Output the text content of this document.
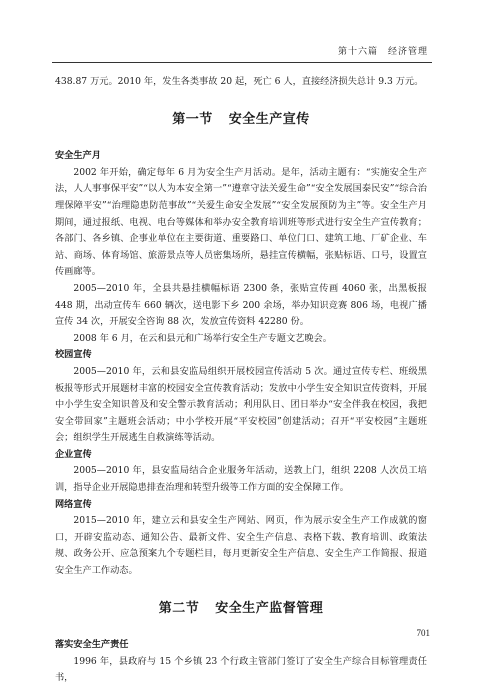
第十六篇　经济管理

438.87 万元。2010 年，发生各类事故 20 起，死亡 6 人，直接经济损失总计 9.3 万元。

第一节 安全生产宣传
安全生产月

2002 年开始，确定每年 6 月为安全生产月活动。是年，活动主题有：“实施安全生产法，人人事事保平安”“以人为本安全第一”“遵章守法关爱生命”“安全发展国泰民安”“综合治理保障平安”“治理隐患防范事故”“关爱生命安全发展”“安全发展预防为主”等。安全生产月期间，通过报纸、电视、电台等媒体和举办安全教育培训班等形式进行安全生产宣传教育；各部门、各乡镇、企事业单位在主要街道、重要路口、单位门口、建筑工地、厂矿企业、车站、商场、体育场馆、旅游景点等人员密集场所，悬挂宣传横幅，张贴标语、口号，设置宣传画廊等。

2005—2010 年，全县共悬挂横幅标语 2300 条，张贴宣传画 4060 张，出黑板报 448 期，出动宣传车 660 辆次，送电影下乡 200 余场，举办知识竞赛 806 场，电视广播宣传 34 次，开展安全咨询 88 次，发放宣传资料 42280 份。

2008 年 6 月，在云和县元和广场举行安全生产专题文艺晚会。

校园宣传

2005—2010 年，云和县安监局组织开展校园宣传活动 5 次。通过宣传专栏、班级黑板报等形式开展题材丰富的校园安全宣传教育活动；发放中小学生安全知识宣传资料，开展中小学生安全知识普及和安全警示教育活动；利用队日、团日举办“安全伴我在校园，我把安全带回家”主题班会活动；中小学校开展“平安校园”创建活动；召开“平安校园”主题班会；组织学生开展逃生自救演练等活动。

企业宣传

2005—2010 年，县安监局结合企业服务年活动，送教上门，组织 2208 人次员工培训，指导企业开展隐患排查治理和转型升级等工作方面的安全保障工作。

网络宣传

2015—2010 年，建立云和县安全生产网站、网页，作为展示安全生产工作成就的窗口，开辟安监动态、通知公告、最新文件、安全生产信息、表格下载、教育培训、政策法规、政务公开、应急预案九个专题栏目，每月更新安全生产信息、安全生产工作简报、报道安全生产工作动态。

第二节 安全生产监督管理
落实安全生产责任

1996 年，县政府与 15 个乡镇 23 个行政主管部门签订了安全生产综合目标管理责任书，

701
